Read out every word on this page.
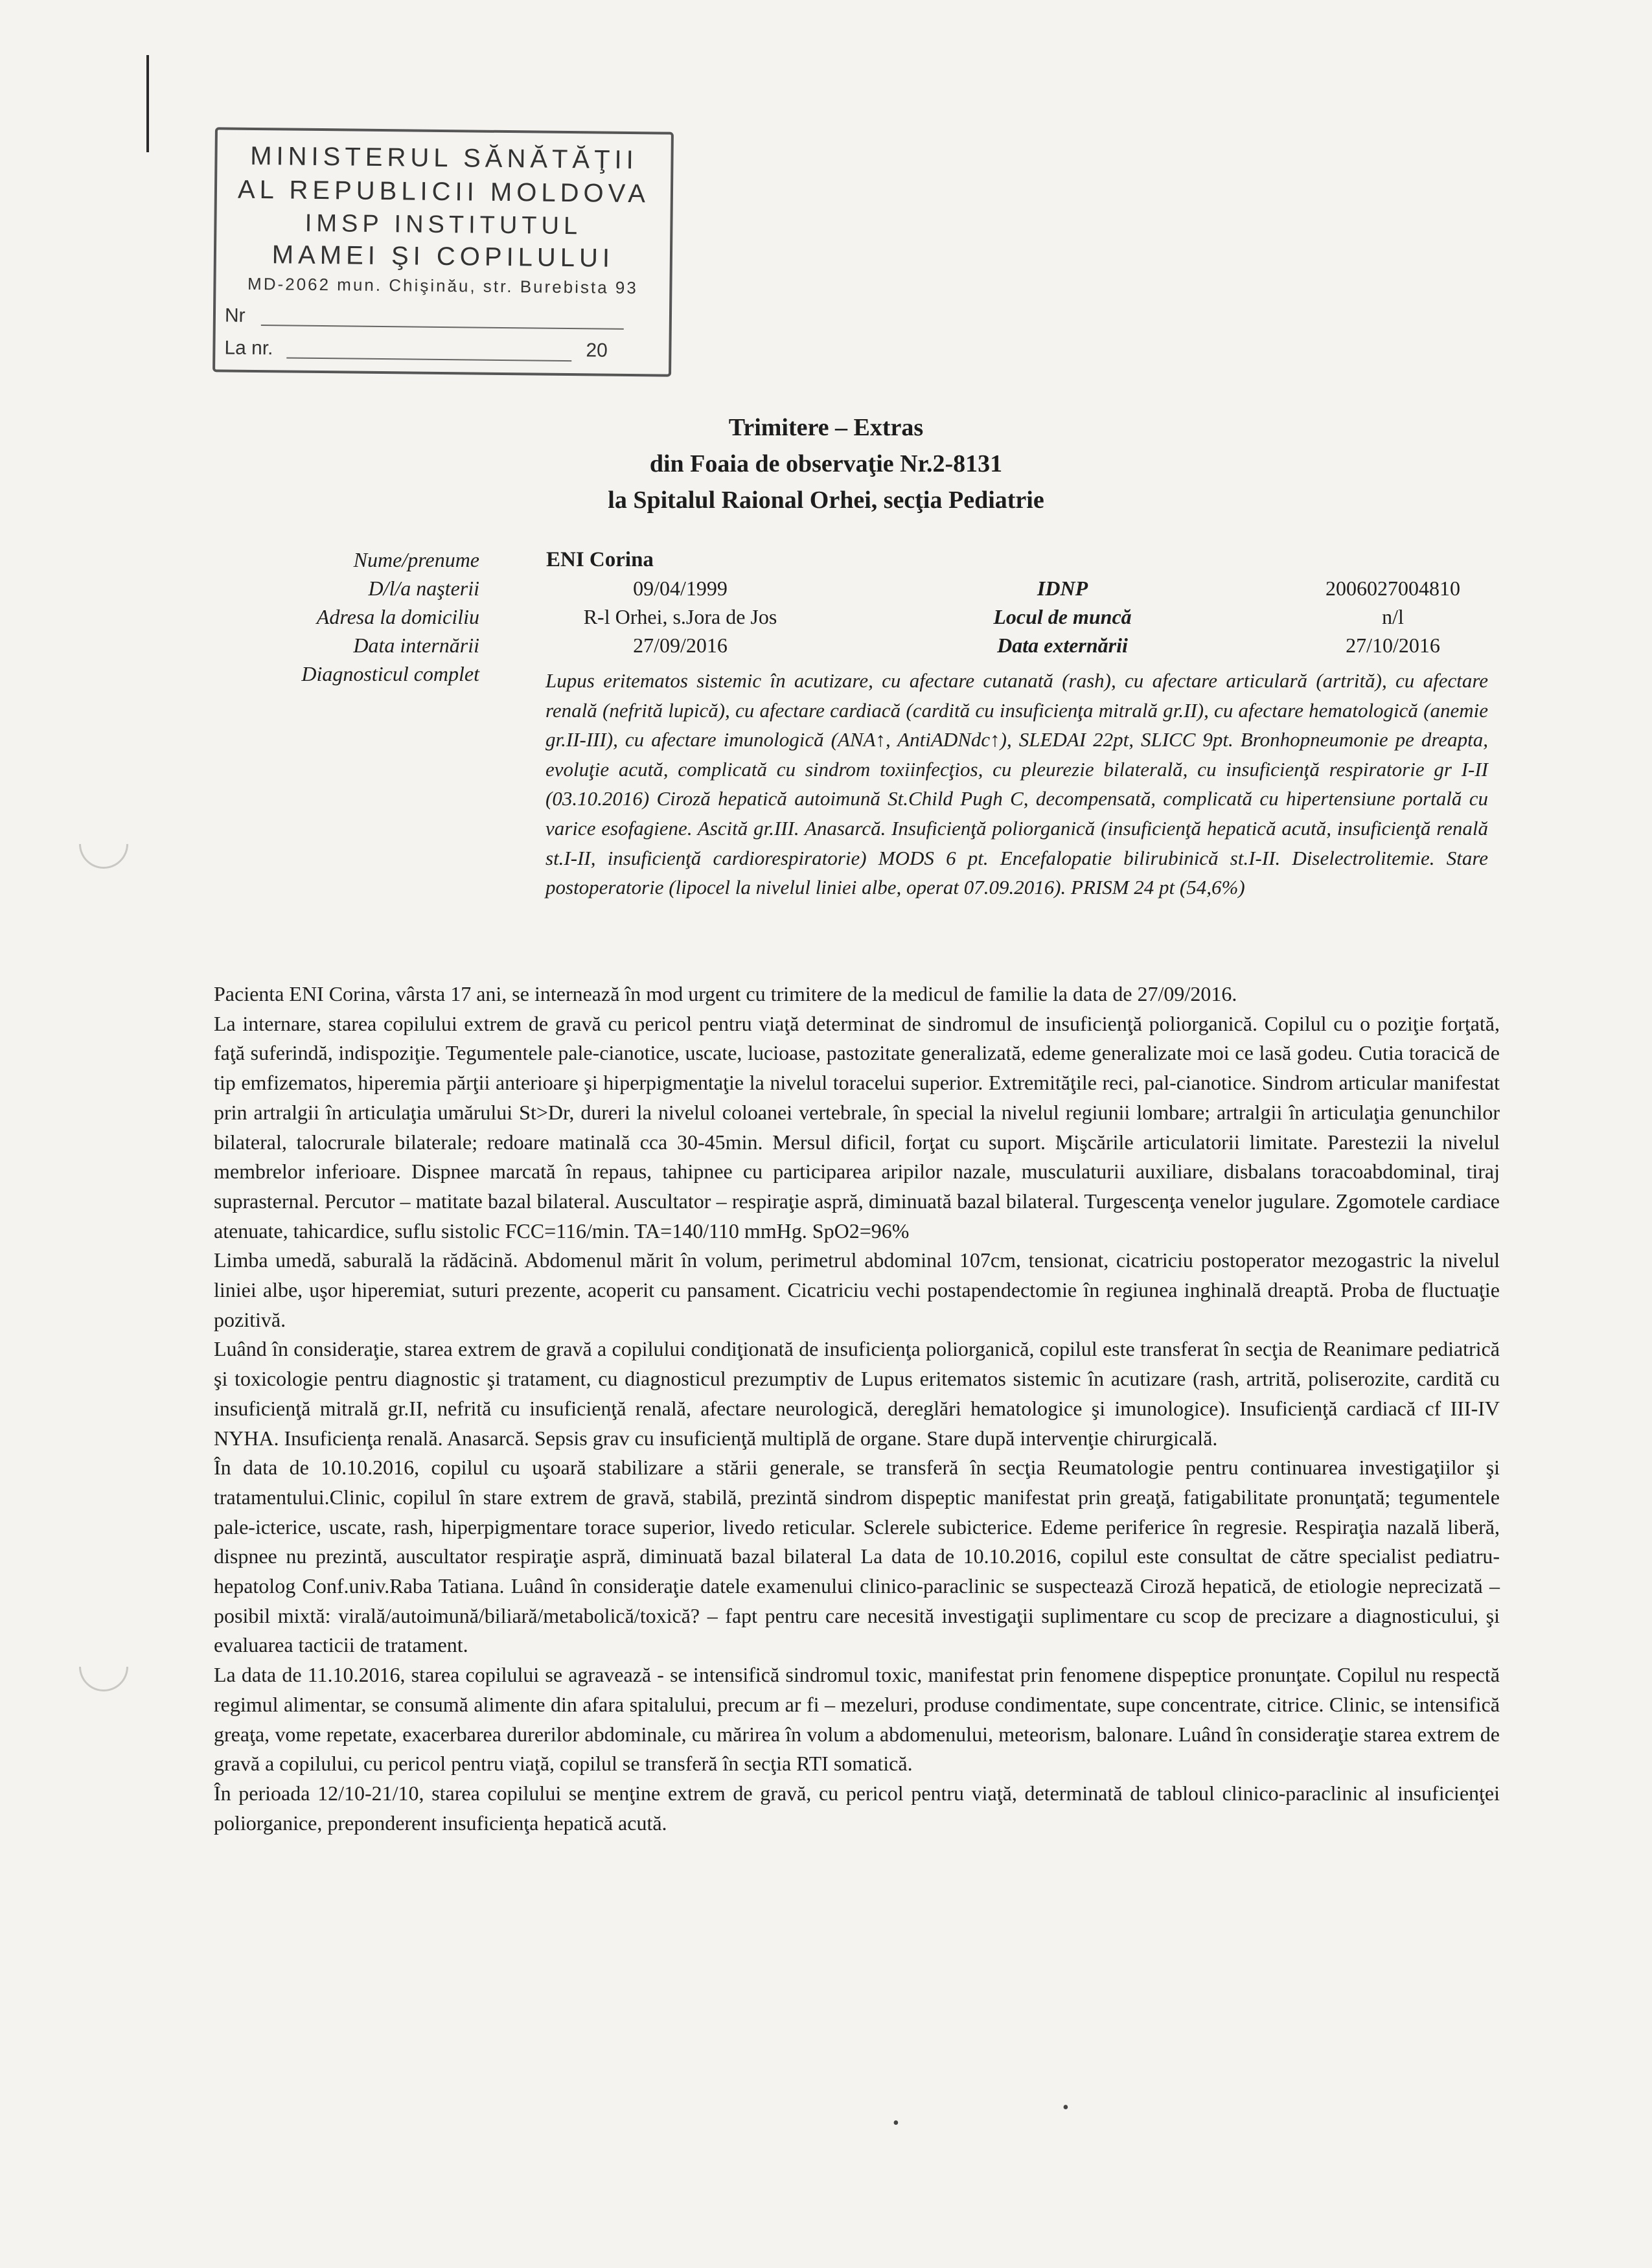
MINISTERUL SĂNĂTĂŢII
AL REPUBLICII MOLDOVA
IMSP INSTITUTUL
MAMEI ŞI COPILULUI
MD-2062 mun. Chişinău, str. Burebista 93
Nr
La nr.	20
Trimitere – Extras
din Foaia de observaţie Nr.2-8131
la Spitalul Raional Orhei, secţia Pediatrie
Nume/prenume
D/l/a naşterii
Adresa la domiciliu
Data internării
Diagnosticul complet
ENI Corina
09/04/1999
R-l Orhei, s.Jora de Jos
27/09/2016
IDNP
Locul de muncă
Data externării
2006027004810
n/l
27/10/2016
Lupus eritematos sistemic în acutizare, cu afectare cutanată (rash), cu afectare articulară (artrită), cu afectare renală (nefrită lupică), cu afectare cardiacă (cardită cu insuficienţa mitrală gr.II), cu afectare hematologică (anemie gr.II-III), cu afectare imunologică (ANA↑, AntiADNdc↑), SLEDAI 22pt, SLICC 9pt. Bronhopneumonie pe dreapta, evoluţie acută, complicată cu sindrom toxiinfecţios, cu pleurezie bilaterală, cu insuficienţă respiratorie gr I-II (03.10.2016) Ciroză hepatică autoimună St.Child Pugh C, decompensată, complicată cu hipertensiune portală cu varice esofagiene. Ascită gr.III. Anasarcă. Insuficienţă poliorganică (insuficienţă hepatică acută, insuficienţă renală st.I-II, insuficienţă cardiorespiratorie) MODS 6 pt. Encefalopatie bilirubinică st.I-II. Diselectrolitemie. Stare postoperatorie (lipocel la nivelul liniei albe, operat 07.09.2016). PRISM 24 pt (54,6%)

Pacienta ENI Corina, vârsta 17 ani, se internează în mod urgent cu trimitere de la medicul de familie la data de 27/09/2016.

La internare, starea copilului extrem de gravă cu pericol pentru viaţă determinat de sindromul de insuficienţă poliorganică. Copilul cu o poziţie forţată, faţă suferindă, indispoziţie. Tegumentele pale-cianotice, uscate, lucioase, pastozitate generalizată, edeme generalizate moi ce lasă godeu. Cutia toracică de tip emfizematos, hiperemia părţii anterioare şi hiperpigmentaţie la nivelul toracelui superior. Extremităţile reci, pal-cianotice. Sindrom articular manifestat prin artralgii în articulaţia umărului St>Dr, dureri la nivelul coloanei vertebrale, în special la nivelul regiunii lombare; artralgii în articulaţia genunchilor bilateral, talocrurale bilaterale; redoare matinală cca 30-45min. Mersul dificil, forţat cu suport. Mişcările articulatorii limitate. Parestezii la nivelul membrelor inferioare. Dispnee marcată în repaus, tahipnee cu participarea aripilor nazale, musculaturii auxiliare, disbalans toracoabdominal, tiraj suprasternal. Percutor – matitate bazal bilateral. Auscultator – respiraţie aspră, diminuată bazal bilateral. Turgescenţa venelor jugulare. Zgomotele cardiace atenuate, tahicardice, suflu sistolic FCC=116/min. TA=140/110 mmHg. SpO2=96%

Limba umedă, saburală la rădăcină. Abdomenul mărit în volum, perimetrul abdominal 107cm, tensionat, cicatriciu postoperator mezogastric la nivelul liniei albe, uşor hiperemiat, suturi prezente, acoperit cu pansament. Cicatriciu vechi postapendectomie în regiunea inghinală dreaptă. Proba de fluctuaţie pozitivă.

Luând în consideraţie, starea extrem de gravă a copilului condiţionată de insuficienţa poliorganică, copilul este transferat în secţia de Reanimare pediatrică şi toxicologie pentru diagnostic şi tratament, cu diagnosticul prezumptiv de Lupus eritematos sistemic în acutizare (rash, artrită, poliserozite, cardită cu insuficienţă mitrală gr.II, nefrită cu insuficienţă renală, afectare neurologică, dereglări hematologice şi imunologice). Insuficienţă cardiacă cf III-IV NYHA. Insuficienţa renală. Anasarcă. Sepsis grav cu insuficienţă multiplă de organe. Stare după intervenţie chirurgicală.

În data de 10.10.2016, copilul cu uşoară stabilizare a stării generale, se transferă în secţia Reumatologie pentru continuarea investigaţiilor şi tratamentului.Clinic, copilul în stare extrem de gravă, stabilă, prezintă sindrom dispeptic manifestat prin greaţă, fatigabilitate pronunţată; tegumentele pale-icterice, uscate, rash, hiperpigmentare torace superior, livedo reticular. Sclerele subicterice. Edeme periferice în regresie. Respiraţia nazală liberă, dispnee nu prezintă, auscultator respiraţie aspră, diminuată bazal bilateral La data de 10.10.2016, copilul este consultat de către specialist pediatru-hepatolog Conf.univ.Raba Tatiana. Luând în consideraţie datele examenului clinico-paraclinic se suspectează Ciroză hepatică, de etiologie neprecizată – posibil mixtă: virală/autoimună/biliară/metabolică/toxică? – fapt pentru care necesită investigaţii suplimentare cu scop de precizare a diagnosticului, şi evaluarea tacticii de tratament.

La data de 11.10.2016, starea copilului se agravează - se intensifică sindromul toxic, manifestat prin fenomene dispeptice pronunţate. Copilul nu respectă regimul alimentar, se consumă alimente din afara spitalului, precum ar fi – mezeluri, produse condimentate, supe concentrate, citrice. Clinic, se intensifică greaţa, vome repetate, exacerbarea durerilor abdominale, cu mărirea în volum a abdomenului, meteorism, balonare. Luând în consideraţie starea extrem de gravă a copilului, cu pericol pentru viaţă, copilul se transferă în secţia RTI somatică.

În perioada 12/10-21/10, starea copilului se menţine extrem de gravă, cu pericol pentru viaţă, determinată de tabloul clinico-paraclinic al insuficienţei poliorganice, preponderent insuficienţa hepatică acută.

•
•
